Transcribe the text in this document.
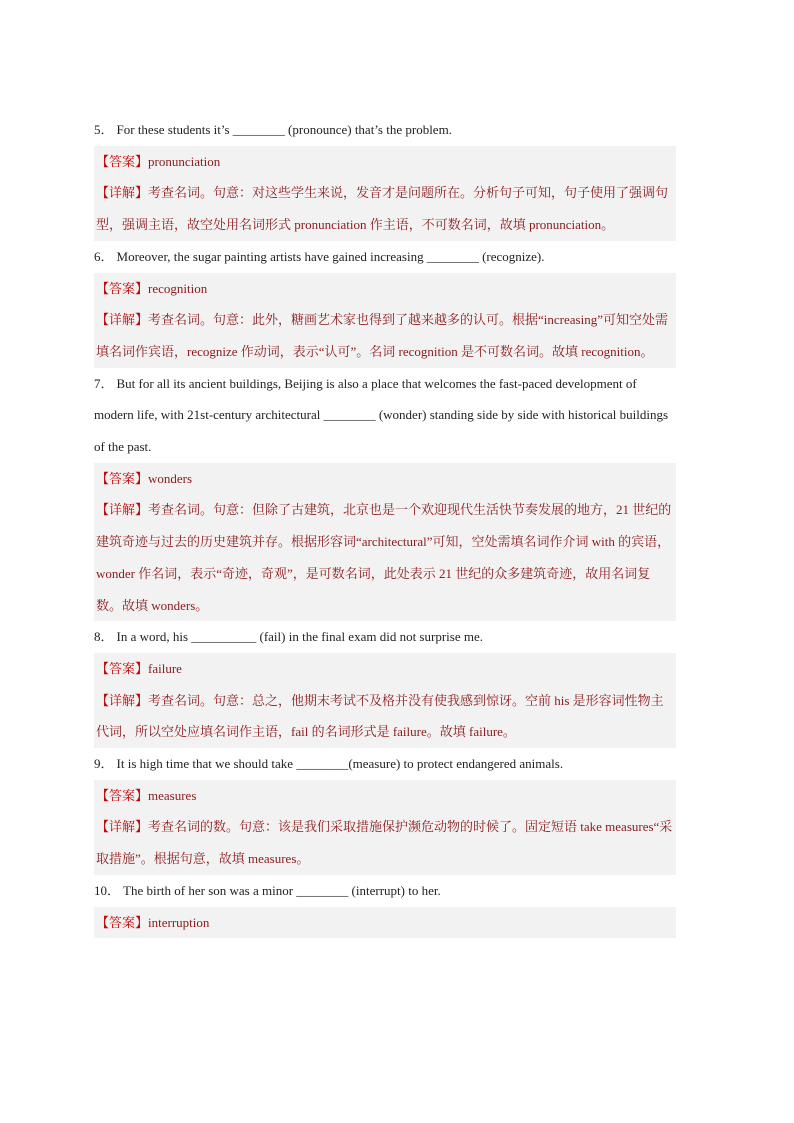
5． For these students it’s ________ (pronounce) that’s the problem.
【答案】pronunciation
【详解】考查名词。句意：对这些学生来说，发音才是问题所在。分析句子可知，句子使用了强调句型，强调主语，故空处用名词形式 pronunciation 作主语，不可数名词，故填 pronunciation。
6． Moreover, the sugar painting artists have gained increasing ________ (recognize).
【答案】recognition
【详解】考查名词。句意：此外，糖画艺术家也得到了越来越多的认可。根据“increasing”可知空处需填名词作宾语，recognize 作动词，表示“认可”。名词 recognition 是不可数名词。故填 recognition。
7． But for all its ancient buildings, Beijing is also a place that welcomes the fast-paced development of modern life, with 21st-century architectural ________ (wonder) standing side by side with historical buildings of the past.
【答案】wonders
【详解】考查名词。句意：但除了古建筑，北京也是一个欢迎现代生活快节奏发展的地方，21 世纪的建筑奇迹与过去的历史建筑并存。根据形容词“architectural”可知，空处需填名词作介词 with 的宾语，wonder 作名词，表示“奇迹，奇观”，是可数名词，此处表示 21 世纪的众多建筑奇迹，故用名词复数。故填 wonders。
8． In a word, his __________ (fail) in the final exam did not surprise me.
【答案】failure
【详解】考查名词。句意：总之，他期末考试不及格并没有使我感到惊讶。空前 his 是形容词性物主代词，所以空处应填名词作主语，fail 的名词形式是 failure。故填 failure。
9． It is high time that we should take ________(measure) to protect endangered animals.
【答案】measures
【详解】考查名词的数。句意：该是我们采取措施保护濒危动物的时候了。固定短语 take measures“采取措施”。根据句意，故填 measures。
10． The birth of her son was a minor ________ (interrupt) to her.
【答案】interruption
